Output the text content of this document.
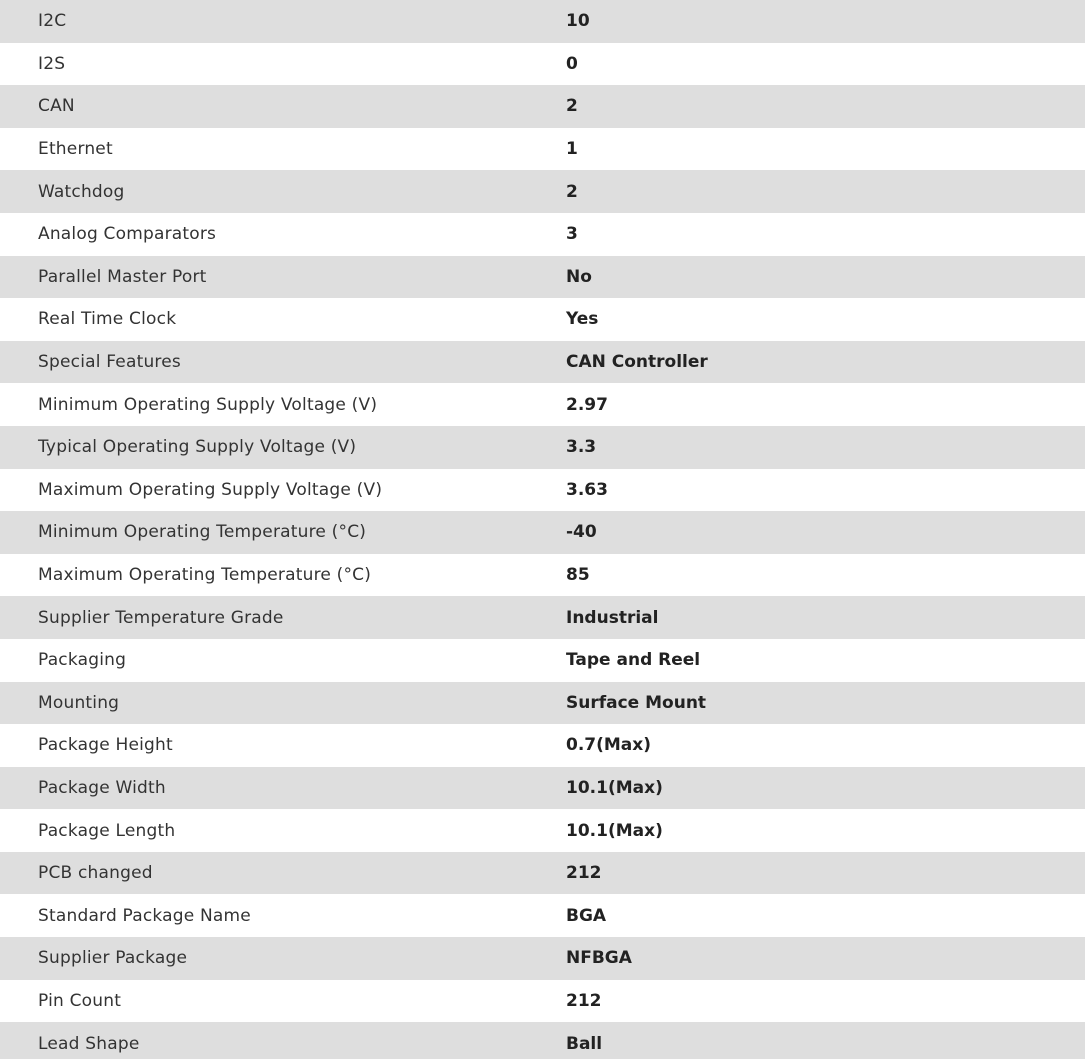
I2C	10
I2S	0
CAN	2
Ethernet	1
Watchdog	2
Analog Comparators	3
Parallel Master Port	No
Real Time Clock	Yes
Special Features	CAN Controller
Minimum Operating Supply Voltage (V)	2.97
Typical Operating Supply Voltage (V)	3.3
Maximum Operating Supply Voltage (V)	3.63
Minimum Operating Temperature (°C)	-40
Maximum Operating Temperature (°C)	85
Supplier Temperature Grade	Industrial
Packaging	Tape and Reel
Mounting	Surface Mount
Package Height	0.7(Max)
Package Width	10.1(Max)
Package Length	10.1(Max)
PCB changed	212
Standard Package Name	BGA
Supplier Package	NFBGA
Pin Count	212
Lead Shape	Ball
